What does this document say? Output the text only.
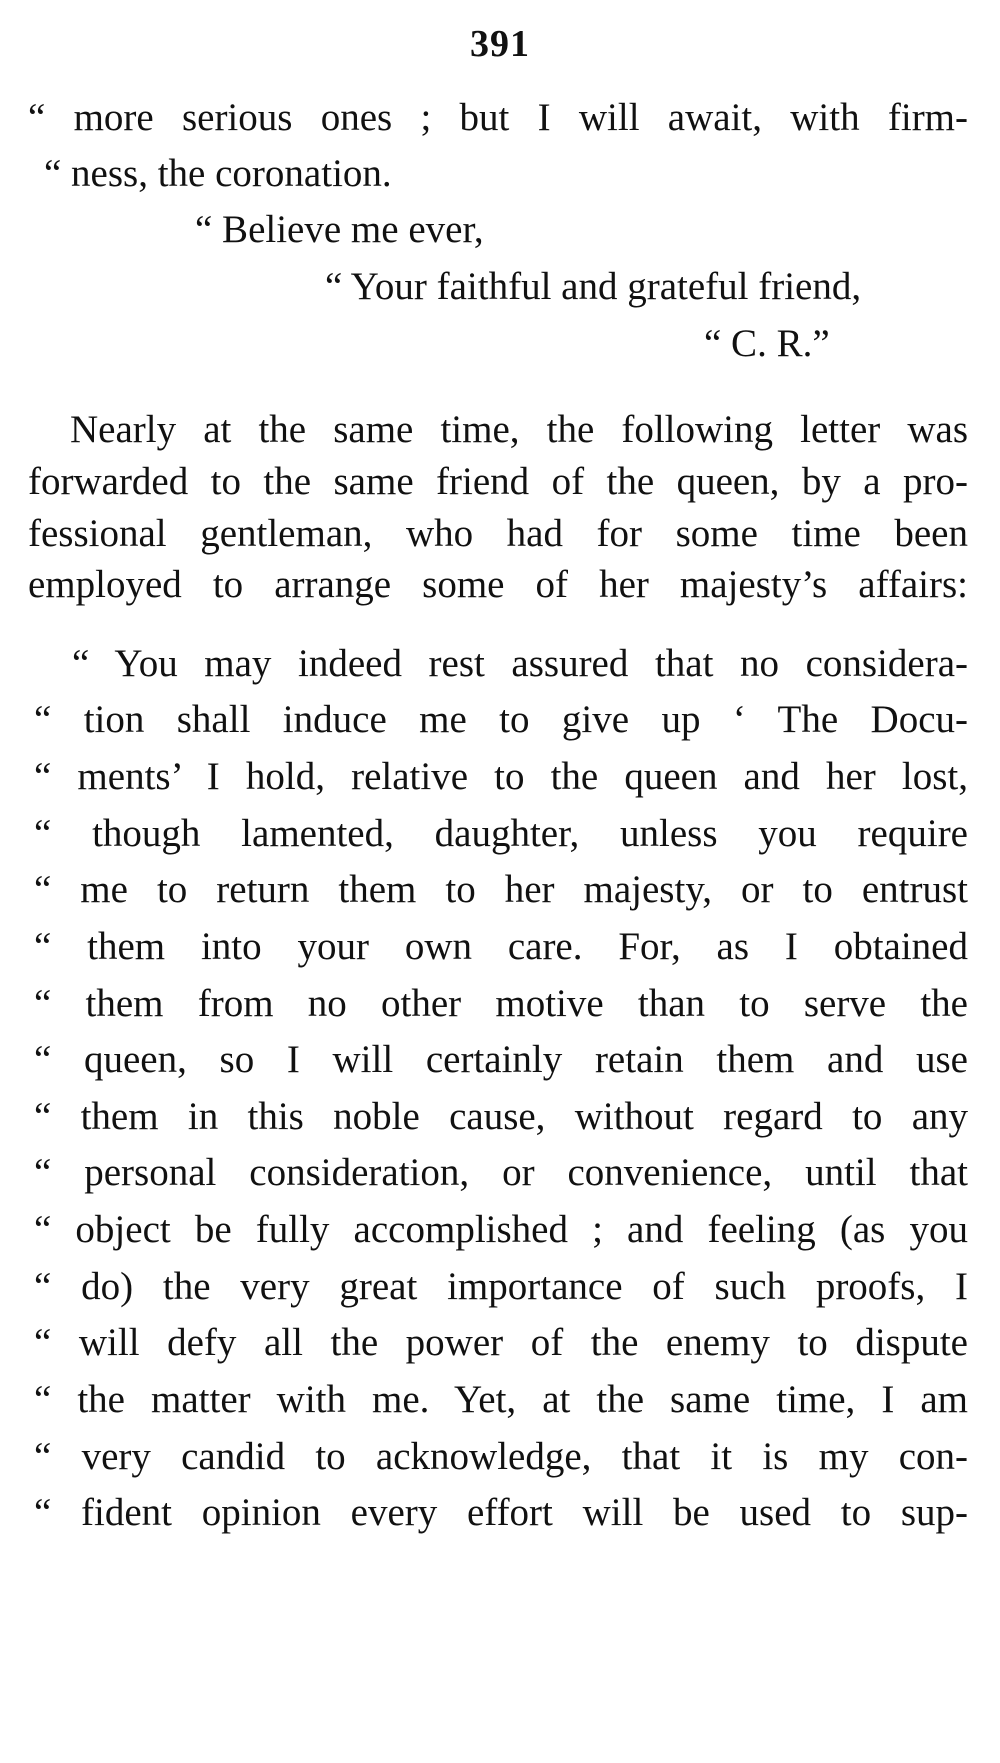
391
“ more serious ones ; but I will await, with firm-
“ ness, the coronation.
“ Believe me ever,
“ Your faithful and grateful friend,
“ C. R.”
Nearly at the same time, the following letter was
forwarded to the same friend of the queen, by a pro-
fessional gentleman, who had for some time been
employed to arrange some of her majesty’s affairs:
“ You may indeed rest assured that no considera-
“ tion shall induce me to give up ‘ The Docu-
“ ments’ I hold, relative to the queen and her lost,
“ though lamented, daughter, unless you require
“ me to return them to her majesty, or to entrust
“ them into your own care. For, as I obtained
“ them from no other motive than to serve the
“ queen, so I will certainly retain them and use
“ them in this noble cause, without regard to any
“ personal consideration, or convenience, until that
“ object be fully accomplished ; and feeling (as you
“ do) the very great importance of such proofs, I
“ will defy all the power of the enemy to dispute
“ the matter with me. Yet, at the same time, I am
“ very candid to acknowledge, that it is my con-
“ fident opinion every effort will be used to sup-
